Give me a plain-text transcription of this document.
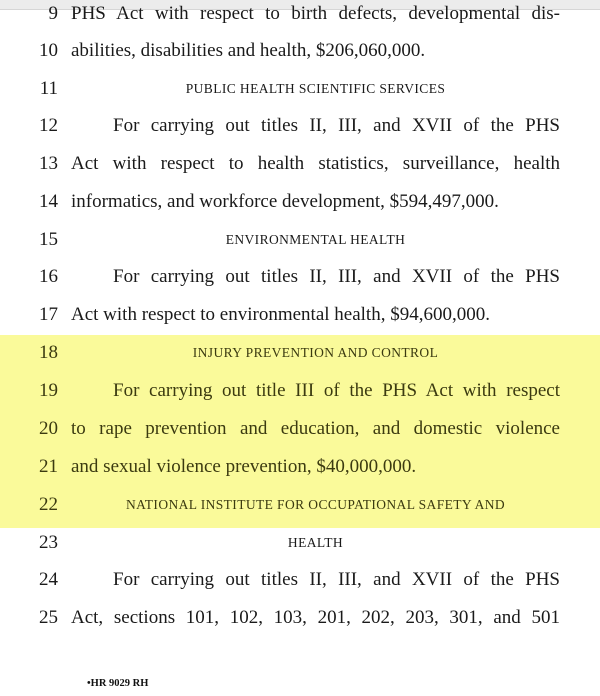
9 PHS Act with respect to birth defects, developmental dis-
10 abilities, disabilities and health, $206,060,000.
11	PUBLIC HEALTH SCIENTIFIC SERVICES
12	For carrying out titles II, III, and XVII of the PHS
13 Act with respect to health statistics, surveillance, health
14 informatics, and workforce development, $594,497,000.
15	ENVIRONMENTAL HEALTH
16	For carrying out titles II, III, and XVII of the PHS
17 Act with respect to environmental health, $94,600,000.
18	INJURY PREVENTION AND CONTROL
19	For carrying out title III of the PHS Act with respect
20 to rape prevention and education, and domestic violence
21 and sexual violence prevention, $40,000,000.
22	NATIONAL INSTITUTE FOR OCCUPATIONAL SAFETY AND
23	HEALTH
24	For carrying out titles II, III, and XVII of the PHS
25 Act, sections 101, 102, 103, 201, 202, 203, 301, and 501
•HR 9029 RH
